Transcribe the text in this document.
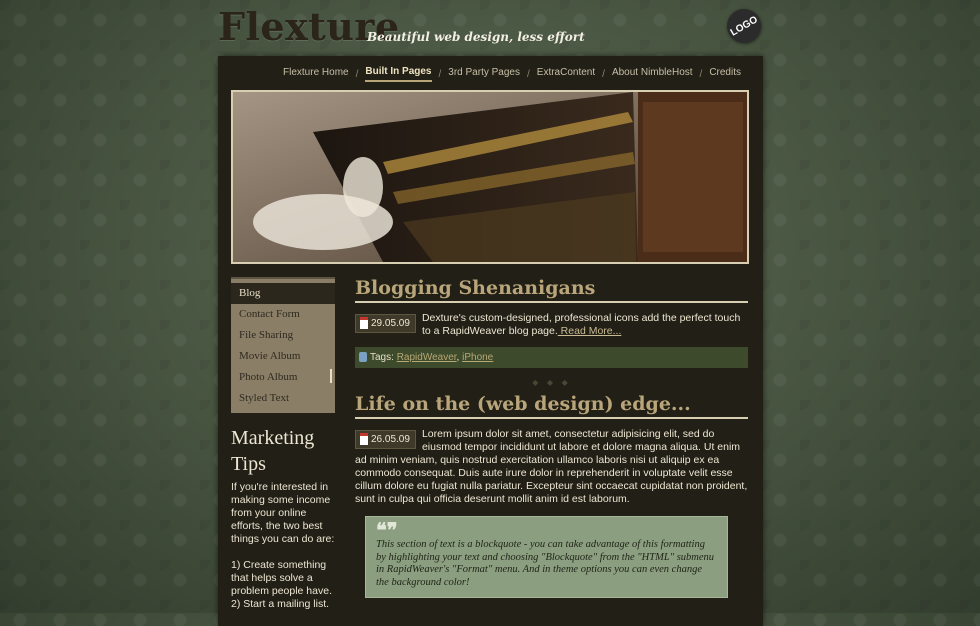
Flexture
Beautiful web design, less effort	LOGO
Flexture Home / Built In Pages / 3rd Party Pages / ExtraContent / About NimbleHost / Credits
Blog
Contact Form
File Sharing
Movie Album
Photo Album
Styled Text
Marketing Tips

If you're interested in making some income from your online efforts, the two best things you can do are:

1) Create something that helps solve a problem people have.

2) Start a mailing list.

Blogging Shenanigans
29.05.09	Dexture's custom-designed, professional icons add the perfect touch to a RapidWeaver blog page. Read More...
Tags: RapidWeaver, iPhone
◆ ◆ ◆
Life on the (web design) edge...
26.05.09	Lorem ipsum dolor sit amet, consectetur adipisicing elit, sed do eiusmod tempor incididunt ut labore et dolore magna aliqua. Ut enim ad minim veniam, quis nostrud exercitation ullamco laboris nisi ut aliquip ex ea commodo consequat. Duis aute irure dolor in reprehenderit in voluptate velit esse cillum dolore eu fugiat nulla pariatur. Excepteur sint occaecat cupidatat non proident, sunt in culpa qui officia deserunt mollit anim id est laborum.
❝❞
This section of text is a blockquote - you can take advantage of this formatting by highlighting your text and choosing "Blockquote" from the "HTML" submenu in RapidWeaver's "Format" menu. And in theme options you can even change the background color!
